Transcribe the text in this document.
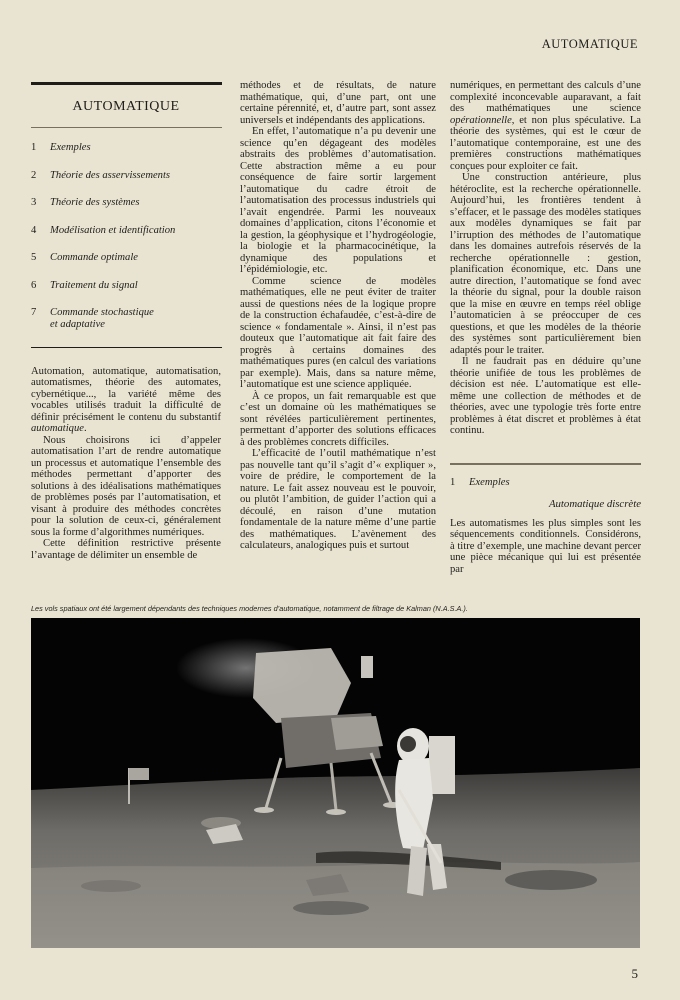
AUTOMATIQUE
AUTOMATIQUE
1	Exemples
2	Théorie des asservissements
3	Théorie des systèmes
4	Modélisation et identification
5	Commande optimale
6	Traitement du signal
7	Commande stochastique et adaptative

Automation, automatique, automatisation, automatismes, théorie des automates, cybernétique..., la variété même des vocables utilisés traduit la difficulté de définir précisément le contenu du substantif automatique.

Nous choisirons ici d’appeler automatisation l’art de rendre automatique un processus et automatique l’ensemble des méthodes permettant d’apporter des solutions à des idéalisations mathématiques de problèmes posés par l’automatisation, et visant à produire des méthodes concrètes pour la solution de ceux-ci, généralement sous la forme d’algorithmes numériques.

Cette définition restrictive présente l’avantage de délimiter un ensemble de

méthodes et de résultats, de nature mathématique, qui, d’une part, ont une certaine pérennité, et, d’autre part, sont assez universels et indépendants des applications.

En effet, l’automatique n’a pu devenir une science qu’en dégageant des modèles abstraits des problèmes d’automatisation. Cette abstraction même a eu pour conséquence de faire sortir largement l’automatique du cadre étroit de l’automatisation des processus industriels qui l’avait engendrée. Parmi les nouveaux domaines d’application, citons l’économie et la gestion, la géophysique et l’hydrogéologie, la biologie et la pharmacocinétique, la dynamique des populations et l’épidémiologie, etc.

Comme science de modèles mathématiques, elle ne peut éviter de traiter aussi de questions nées de la logique propre de la construction échafaudée, c’est-à-dire de science « fondamentale ». Ainsi, il n’est pas douteux que l’automatique ait fait faire des progrès à certains domaines des mathématiques pures (en calcul des variations par exemple). Mais, dans sa nature même, l’automatique est une science appliquée.

À ce propos, un fait remarquable est que c’est un domaine où les mathématiques se sont révélées particulièrement pertinentes, permettant d’apporter des solutions efficaces à des problèmes concrets difficiles.

L’efficacité de l’outil mathématique n’est pas nouvelle tant qu’il s’agit d’« expliquer », voire de prédire, le comportement de la nature. Le fait assez nouveau est le pouvoir, ou plutôt l’ambition, de guider l’action qui a découlé, en raison d’une mutation fondamentale de la nature même d’une partie des mathématiques. L’avènement des calculateurs, analogiques puis et surtout

numériques, en permettant des calculs d’une complexité inconcevable auparavant, a fait des mathématiques une science opérationnelle, et non plus spéculative. La théorie des systèmes, qui est le cœur de l’automatique contemporaine, est une des premières constructions mathématiques conçues pour exploiter ce fait.

Une construction antérieure, plus hétéroclite, est la recherche opérationnelle. Aujourd’hui, les frontières tendent à s’effacer, et le passage des modèles statiques aux modèles dynamiques se fait par l’irruption des méthodes de l’automatique dans les domaines autrefois réservés de la recherche opérationnelle : gestion, planification économique, etc. Dans une autre direction, l’automatique se fond avec la théorie du signal, pour la double raison que la mise en œuvre en temps réel oblige l’automaticien à se préoccuper de ces questions, et que les modèles de la théorie des systèmes sont particulièrement bien adaptés pour le traiter.

Il ne faudrait pas en déduire qu’une théorie unifiée de tous les problèmes de décision est née. L’automatique est elle-même une collection de méthodes et de théories, avec une typologie très forte entre problèmes à état discret et problèmes à état continu.

1	Exemples
Automatique discrète

Les automatismes les plus simples sont les séquencements conditionnels. Considérons, à titre d’exemple, une machine devant percer une pièce mécanique qui lui est présentée par

Les vols spatiaux ont été largement dépendants des techniques modernes d’automatique, notamment de filtrage de Kalman (N.A.S.A.).
5
